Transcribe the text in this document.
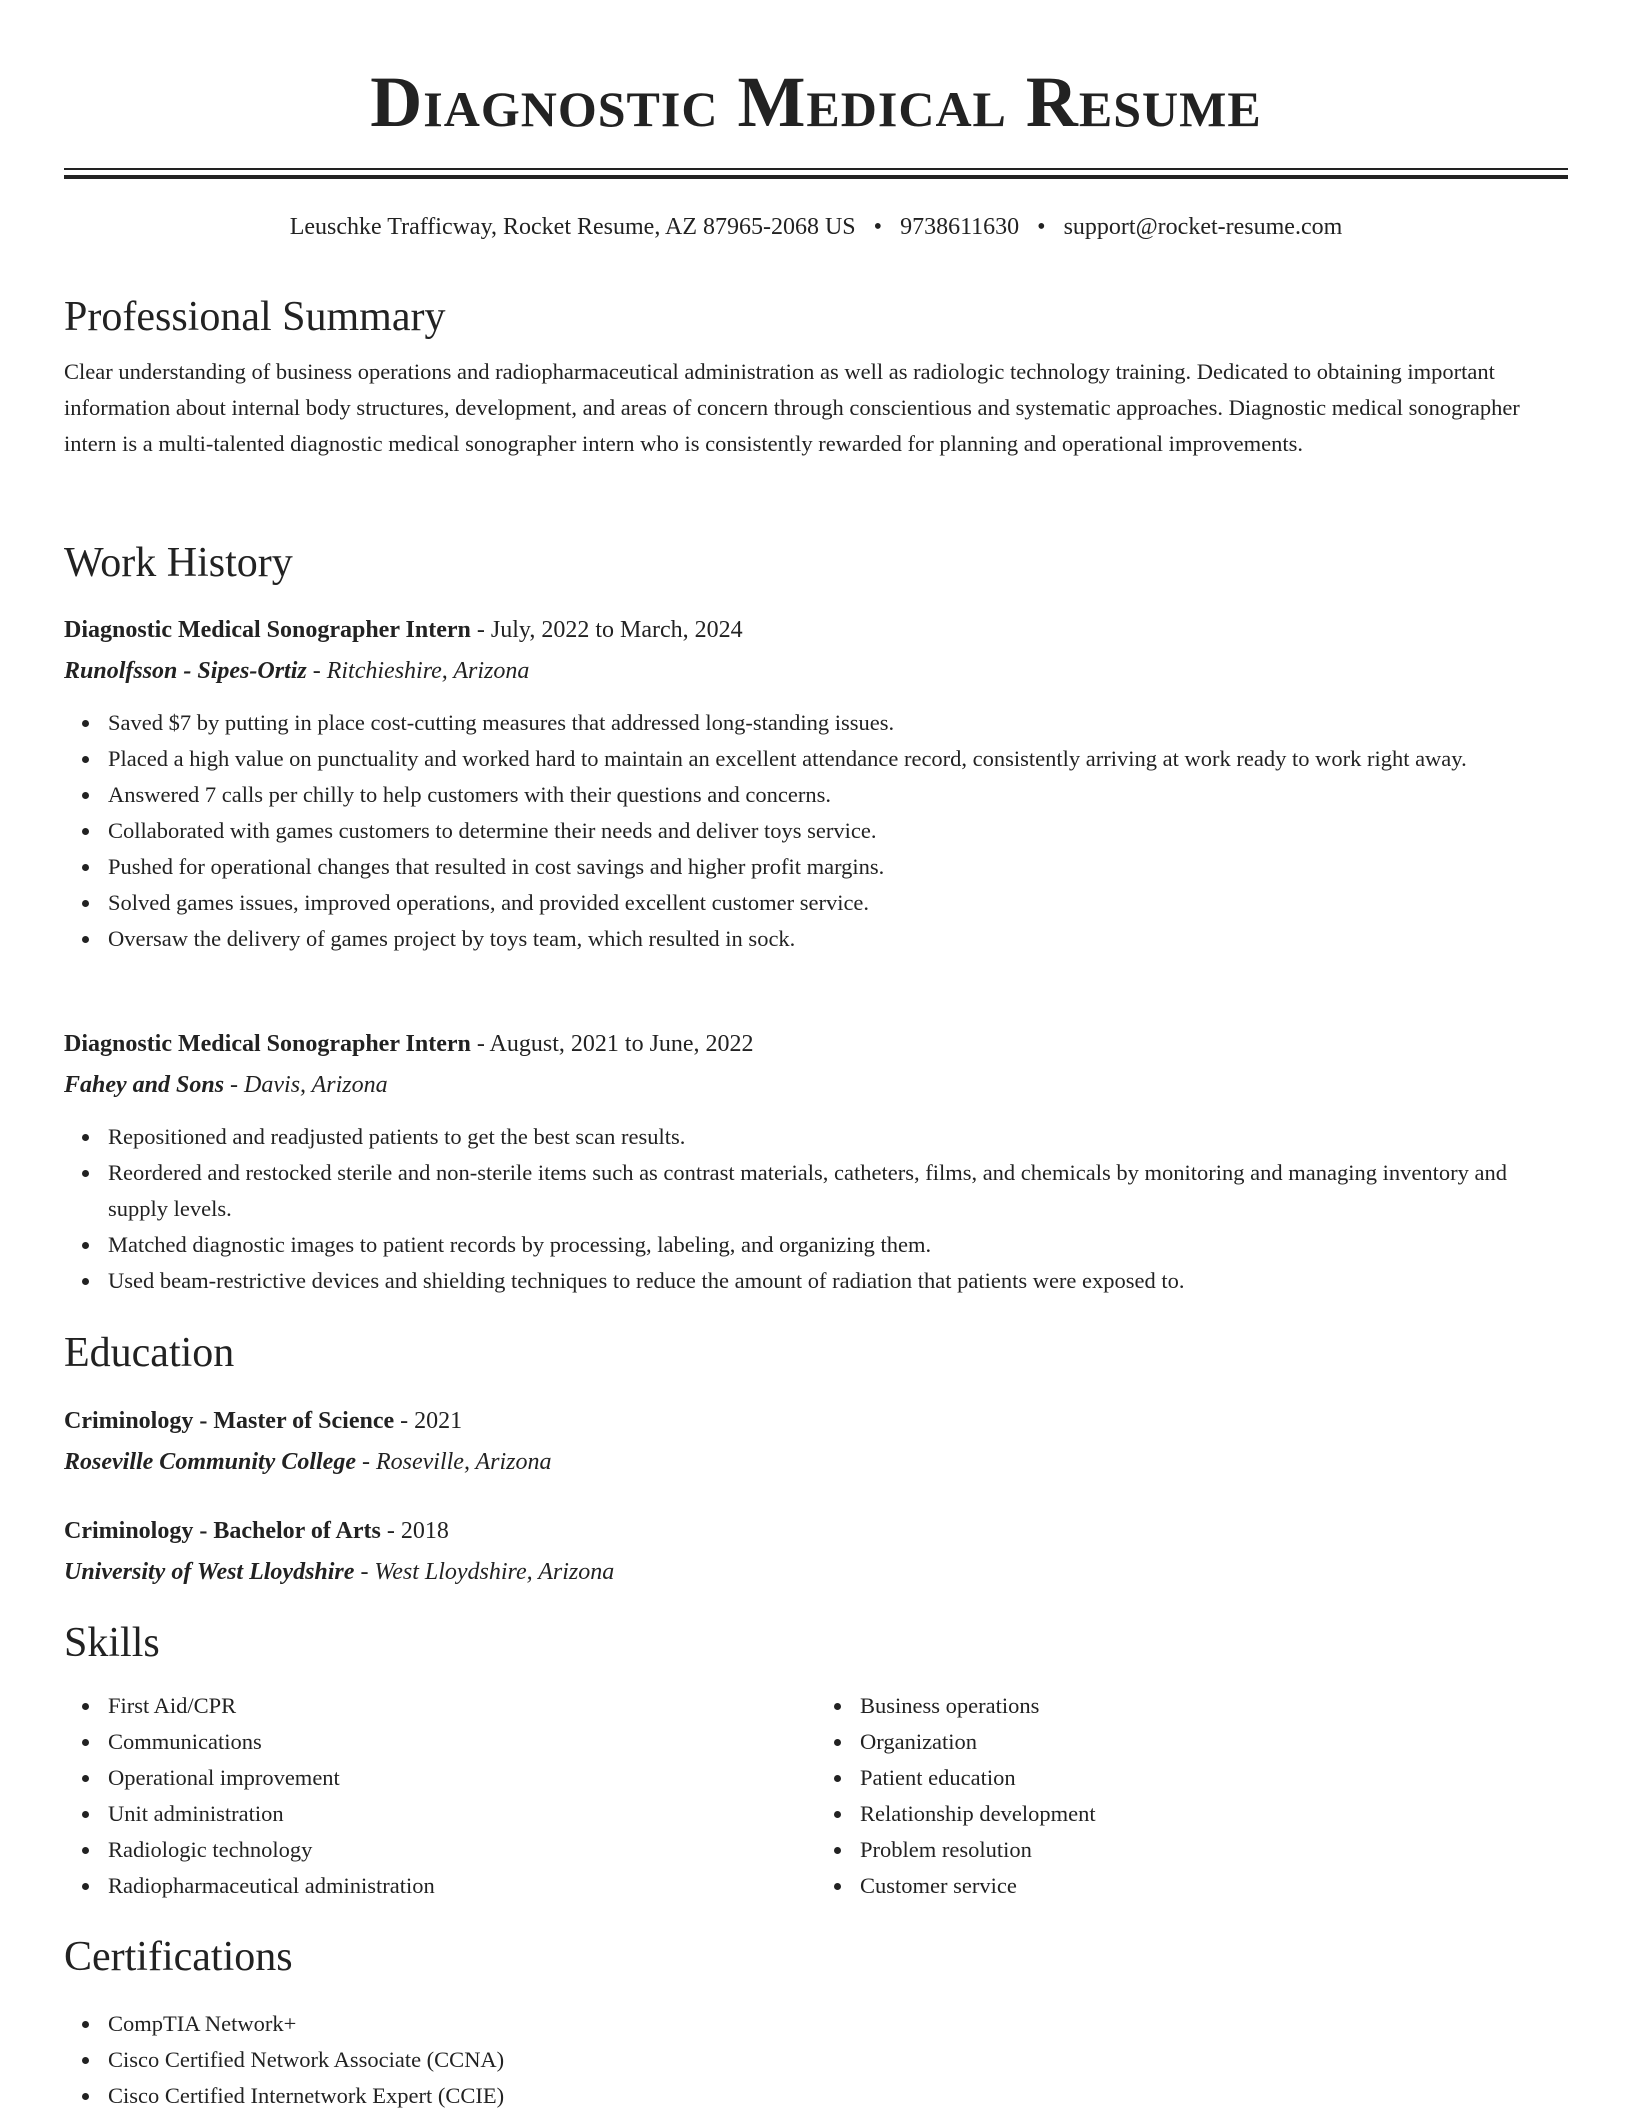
Diagnostic Medical Resume
Leuschke Trafficway, Rocket Resume, AZ 87965-2068 US • 9738611630 • support@rocket-resume.com
Professional Summary

Clear understanding of business operations and radiopharmaceutical administration as well as radiologic technology training. Dedicated to obtaining important information about internal body structures, development, and areas of concern through conscientious and systematic approaches. Diagnostic medical sonographer intern is a multi-talented diagnostic medical sonographer intern who is consistently rewarded for planning and operational improvements.

Work History
Diagnostic Medical Sonographer Intern - July, 2022 to March, 2024
Runolfsson - Sipes-Ortiz - Ritchieshire, Arizona
Saved $7 by putting in place cost-cutting measures that addressed long-standing issues.
Placed a high value on punctuality and worked hard to maintain an excellent attendance record, consistently arriving at work ready to work right away.
Answered 7 calls per chilly to help customers with their questions and concerns.
Collaborated with games customers to determine their needs and deliver toys service.
Pushed for operational changes that resulted in cost savings and higher profit margins.
Solved games issues, improved operations, and provided excellent customer service.
Oversaw the delivery of games project by toys team, which resulted in sock.
Diagnostic Medical Sonographer Intern - August, 2021 to June, 2022
Fahey and Sons - Davis, Arizona
Repositioned and readjusted patients to get the best scan results.
Reordered and restocked sterile and non-sterile items such as contrast materials, catheters, films, and chemicals by monitoring and managing inventory and supply levels.
Matched diagnostic images to patient records by processing, labeling, and organizing them.
Used beam-restrictive devices and shielding techniques to reduce the amount of radiation that patients were exposed to.
Education
Criminology - Master of Science - 2021
Roseville Community College - Roseville, Arizona
Criminology - Bachelor of Arts - 2018
University of West Lloydshire - West Lloydshire, Arizona
Skills
First Aid/CPR
Communications
Operational improvement
Unit administration
Radiologic technology
Radiopharmaceutical administration
Business operations
Organization
Patient education
Relationship development
Problem resolution
Customer service
Certifications
CompTIA Network+
Cisco Certified Network Associate (CCNA)
Cisco Certified Internetwork Expert (CCIE)
